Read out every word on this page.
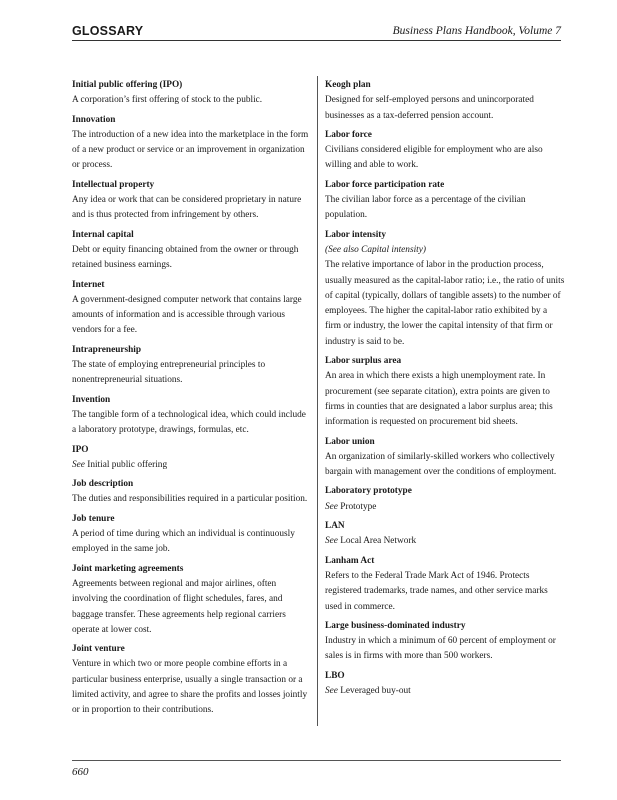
GLOSSARY	Business Plans Handbook, Volume 7
Initial public offering (IPO)
A corporation’s first offering of stock to the public.
Innovation
The introduction of a new idea into the marketplace in the form of a new product or service or an improvement in organization or process.
Intellectual property
Any idea or work that can be considered proprietary in nature and is thus protected from infringement by others.
Internal capital
Debt or equity financing obtained from the owner or through retained business earnings.
Internet
A government-designed computer network that contains large amounts of information and is accessible through various vendors for a fee.
Intrapreneurship
The state of employing entrepreneurial principles to nonentrepreneurial situations.
Invention
The tangible form of a technological idea, which could include a laboratory prototype, drawings, formulas, etc.
IPO
See Initial public offering
Job description
The duties and responsibilities required in a particular position.
Job tenure
A period of time during which an individual is continuously employed in the same job.
Joint marketing agreements
Agreements between regional and major airlines, often involving the coordination of flight schedules, fares, and baggage transfer. These agreements help regional carriers operate at lower cost.
Joint venture
Venture in which two or more people combine efforts in a particular business enterprise, usually a single transaction or a limited activity, and agree to share the profits and losses jointly or in proportion to their contributions.
Keogh plan
Designed for self-employed persons and unincorporated businesses as a tax-deferred pension account.
Labor force
Civilians considered eligible for employment who are also willing and able to work.
Labor force participation rate
The civilian labor force as a percentage of the civilian population.
Labor intensity
(See also Capital intensity)
The relative importance of labor in the production process, usually measured as the capital-labor ratio; i.e., the ratio of units of capital (typically, dollars of tangible assets) to the number of employees. The higher the capital-labor ratio exhibited by a firm or industry, the lower the capital intensity of that firm or industry is said to be.
Labor surplus area
An area in which there exists a high unemployment rate. In procurement (see separate citation), extra points are given to firms in counties that are designated a labor surplus area; this information is requested on procurement bid sheets.
Labor union
An organization of similarly-skilled workers who collectively bargain with management over the conditions of employment.
Laboratory prototype
See Prototype
LAN
See Local Area Network
Lanham Act
Refers to the Federal Trade Mark Act of 1946. Protects registered trademarks, trade names, and other service marks used in commerce.
Large business-dominated industry
Industry in which a minimum of 60 percent of employment or sales is in firms with more than 500 workers.
LBO
See Leveraged buy-out
660
